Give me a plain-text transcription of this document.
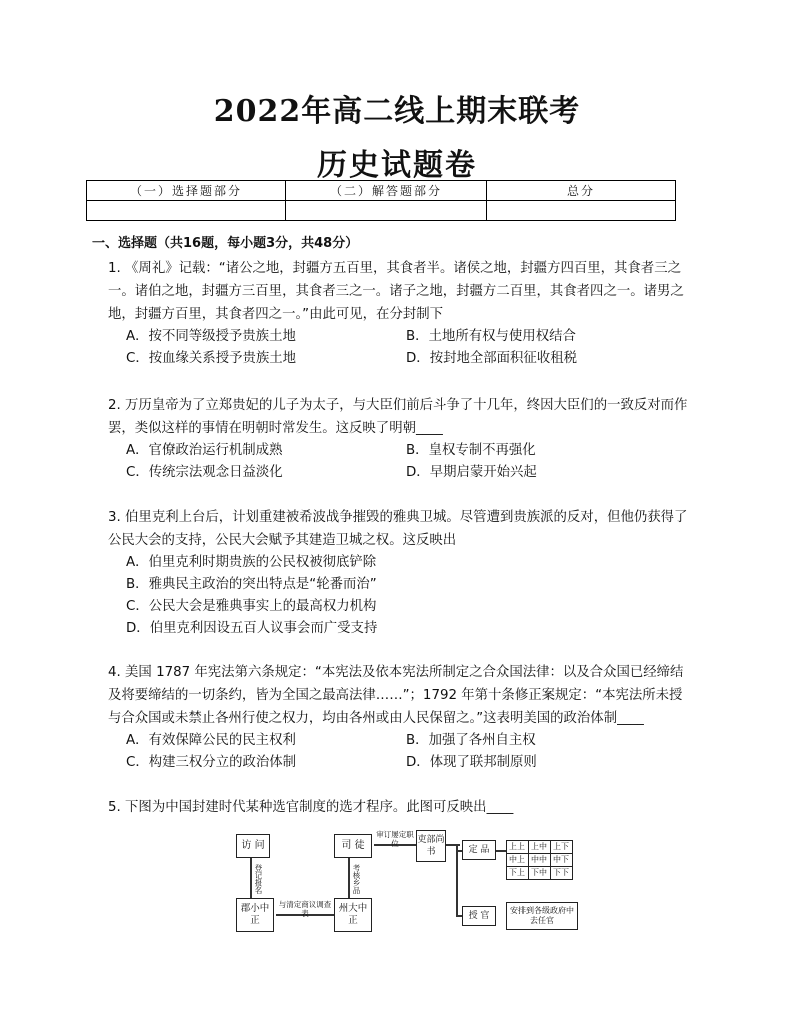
2022年高二线上期末联考
历史试题卷
（一）选择题部分	（二）解答题部分	总分

一、选择题（共16题，每小题3分，共48分）
1. 《周礼》记载：“诸公之地，封疆方五百里，其食者半。诸侯之地，封疆方四百里，其食者三之一。诸伯之地，封疆方三百里，其食者三之一。诸子之地，封疆方二百里，其食者四之一。诸男之地，封疆方百里，其食者四之一。”由此可见，在分封制下
A．按不同等级授予贵族土地	B．土地所有权与使用权结合
C．按血缘关系授予贵族土地	D．按封地全部面积征收租税
2. 万历皇帝为了立郑贵妃的儿子为太子，与大臣们前后斗争了十几年，终因大臣们的一致反对而作罢，类似这样的事情在明朝时常发生。这反映了明朝____
A．官僚政治运行机制成熟	B．皇权专制不再强化
C．传统宗法观念日益淡化	D．早期启蒙开始兴起
3. 伯里克利上台后，计划重建被希波战争摧毁的雅典卫城。尽管遭到贵族派的反对，但他仍获得了公民大会的支持，公民大会赋予其建造卫城之权。这反映出
A．伯里克利时期贵族的公民权被彻底铲除
B．雅典民主政治的突出特点是“轮番而治”
C．公民大会是雅典事实上的最高权力机构
D．伯里克利因设五百人议事会而广受支持
4. 美国 1787 年宪法第六条规定：“本宪法及依本宪法所制定之合众国法律：以及合众国已经缔结及将要缔结的一切条约，皆为全国之最高法律……”；1792 年第十条修正案规定：“本宪法所未授与合众国或未禁止各州行使之权力，均由各州或由人民保留之。”这表明美国的政治体制____
A．有效保障公民的民主权利	B．加强了各州自主权
C．构建三权分立的政治体制	D．体现了联邦制原则
5. 下图为中国封建时代某种选官制度的选才程序。此图可反映出____
访 问
登记报名
郡小中正
与清定商议调查表	州大中正
考核乡品
司 徒
审订屡定职位	吏部尚书	定 品
授 官
安排到各级政府中去任官
上上 上中 上下
中上 中中 中下
下上 下中 下下
